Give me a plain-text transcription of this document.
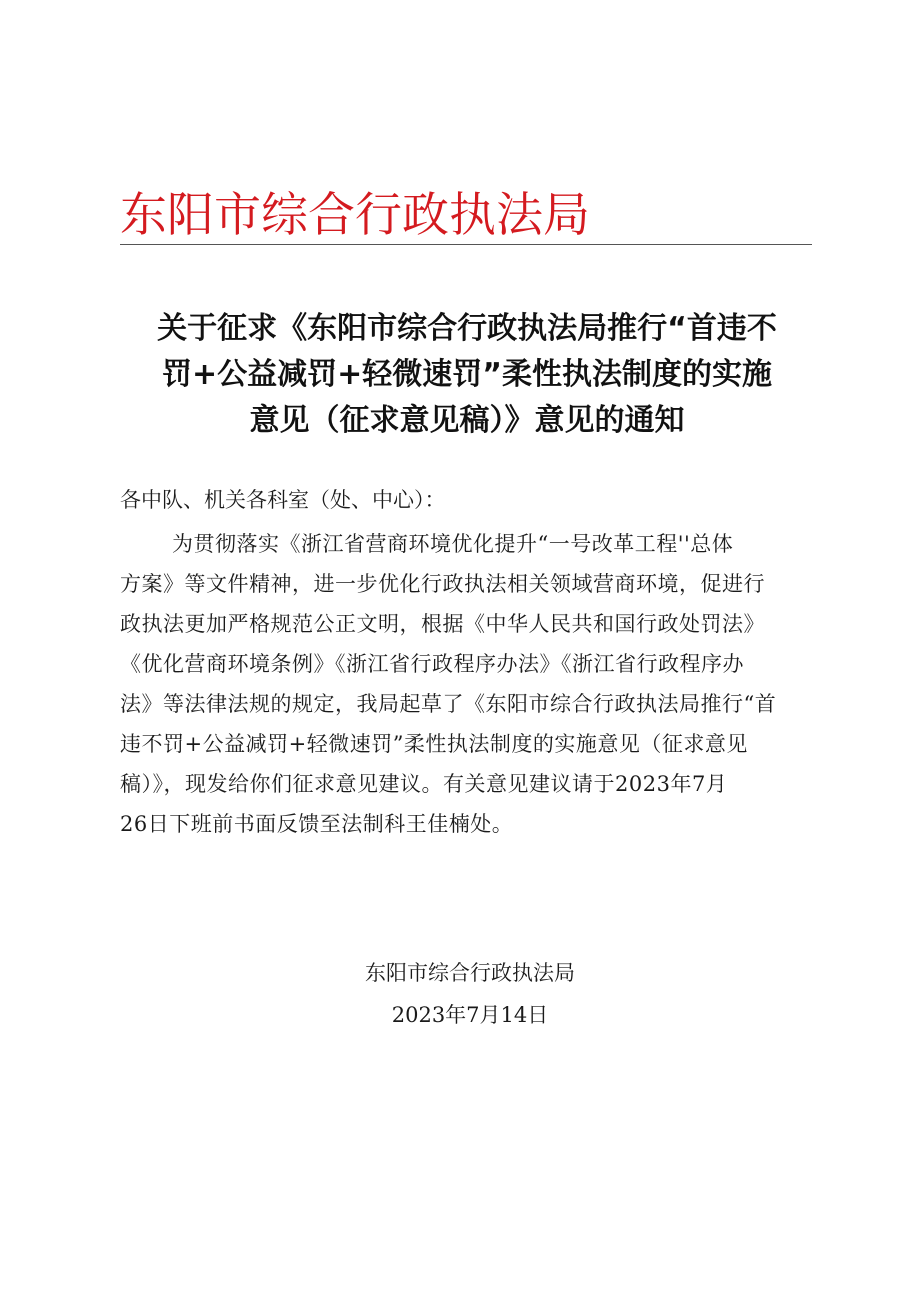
东阳市综合行政执法局
关于征求《东阳市综合行政执法局推行“首违不
罚+公益减罚+轻微速罚”柔性执法制度的实施
意见（征求意见稿）》意见的通知
各中队、机关各科室（处、中心）：
为贯彻落实《浙江省营商环境优化提升“一号改革工程''总体
方案》等文件精神，进一步优化行政执法相关领域营商环境，促进行
政执法更加严格规范公正文明，根据《中华人民共和国行政处罚法》
《优化营商环境条例》《浙江省行政程序办法》《浙江省行政程序办
法》等法律法规的规定，我局起草了《东阳市综合行政执法局推行“首
违不罚+公益减罚+轻微速罚”柔性执法制度的实施意见（征求意见
稿）》，现发给你们征求意见建议。有关意见建议请于2023年7月
26日下班前书面反馈至法制科王佳楠处。
东阳市综合行政执法局
2023年7月14日
